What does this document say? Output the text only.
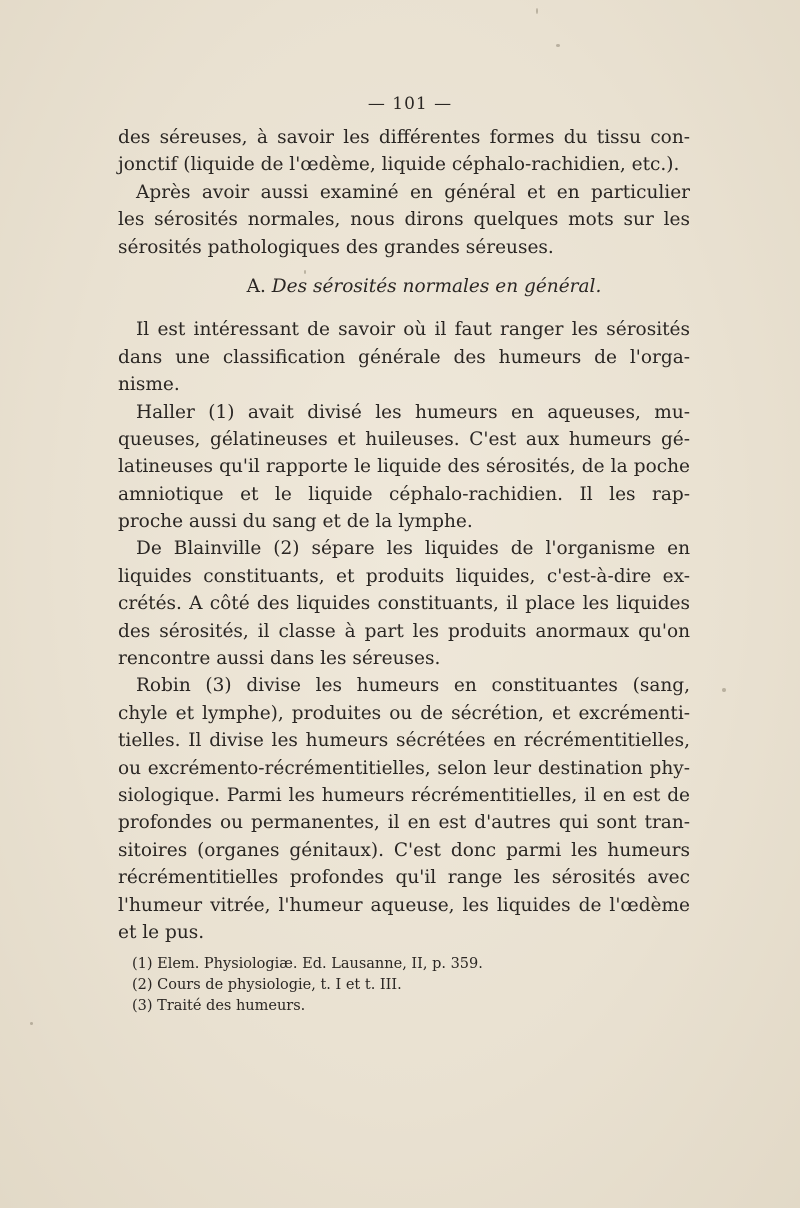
— 101 —
des séreuses, à savoir les différentes formes du tissu con-
jonctif (liquide de l'œdème, liquide céphalo-rachidien, etc.).
Après avoir aussi examiné en général et en particulier
les sérosités normales, nous dirons quelques mots sur les
sérosités pathologiques des grandes séreuses.
A. Des sérosités normales en général.
Il est intéressant de savoir où il faut ranger les sérosités
dans une classification générale des humeurs de l'orga-
nisme.
Haller (1) avait divisé les humeurs en aqueuses, mu-
queuses, gélatineuses et huileuses. C'est aux humeurs gé-
latineuses qu'il rapporte le liquide des sérosités, de la poche
amniotique et le liquide céphalo-rachidien. Il les rap-
proche aussi du sang et de la lymphe.
De Blainville (2) sépare les liquides de l'organisme en
liquides constituants, et produits liquides, c'est-à-dire ex-
crétés. A côté des liquides constituants, il place les liquides
des sérosités, il classe à part les produits anormaux qu'on
rencontre aussi dans les séreuses.
Robin (3) divise les humeurs en constituantes (sang,
chyle et lymphe), produites ou de sécrétion, et excrémenti-
tielles. Il divise les humeurs sécrétées en récrémentitielles,
ou excrémento-récrémentitielles, selon leur destination phy-
siologique. Parmi les humeurs récrémentitielles, il en est de
profondes ou permanentes, il en est d'autres qui sont tran-
sitoires (organes génitaux). C'est donc parmi les humeurs
récrémentitielles profondes qu'il range les sérosités avec
l'humeur vitrée, l'humeur aqueuse, les liquides de l'œdème
et le pus.
(1) Elem. Physiologiæ. Ed. Lausanne, II, p. 359.
(2) Cours de physiologie, t. I et t. III.
(3) Traité des humeurs.
